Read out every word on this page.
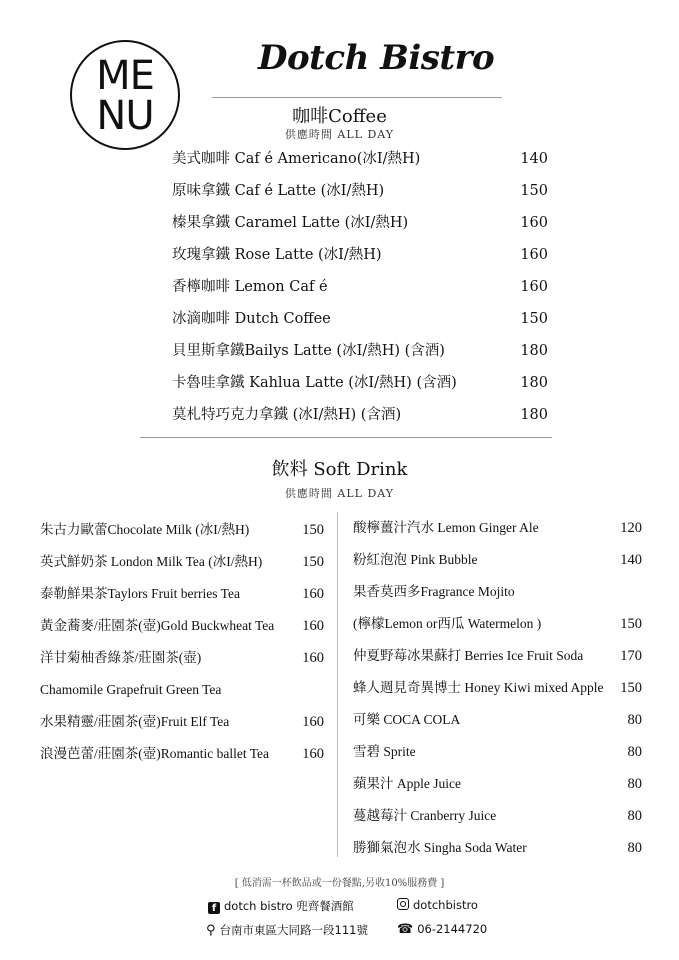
ME
NU
Dotch Bistro
咖啡Coffee
供應時間 ALL DAY
美式咖啡 Caf é Americano(冰I/熱H)	140
原味拿鐵 Caf é Latte (冰I/熱H)	150
榛果拿鐵 Caramel Latte (冰I/熱H)	160
玫瑰拿鐵 Rose Latte (冰I/熱H)	160
香檸咖啡 Lemon Caf é	160
冰滴咖啡 Dutch Coffee	150
貝里斯拿鐵Bailys Latte (冰I/熱H) (含酒)	180
卡魯哇拿鐵 Kahlua Latte (冰I/熱H) (含酒)	180
莫札特巧克力拿鐵 (冰I/熱H) (含酒)	180
飲料 Soft Drink
供應時間 ALL DAY
朱古力歐蕾Chocolate Milk (冰I/熱H)	150
英式鮮奶茶 London Milk Tea (冰I/熱H)	150
泰勒鮮果茶Taylors Fruit berries Tea	160
黃金蕎麥/莊園茶(壺)Gold Buckwheat Tea 160
洋甘菊柚香綠茶/莊園茶(壺)	160
Chamomile Grapefruit Green Tea
水果精靈/莊園茶(壺)Fruit Elf Tea	160
浪漫芭蕾/莊園茶(壺)Romantic ballet Tea 160
酸檸薑汁汽水 Lemon Ginger Ale	120
粉紅泡泡 Pink Bubble	140
果香莫西多Fragrance Mojito
(檸檬Lemon or西瓜 Watermelon )	150
仲夏野莓冰果蘇打 Berries Ice Fruit Soda	170
蜂人週見奇異博士 Honey Kiwi mixed Apple 150
可樂 COCA COLA	80
雪碧 Sprite	80
蘋果汁 Apple Juice	80
蔓越莓汁 Cranberry Juice	80
勝獅氣泡水 Singha Soda Water	80
[ 低消需一杯飲品或一份餐點,另收10%服務費 ]
f dotch bistro 兜齊餐酒館	dotchbistro
⚲ 台南市東區大同路一段111號 ☎ 06-2144720
